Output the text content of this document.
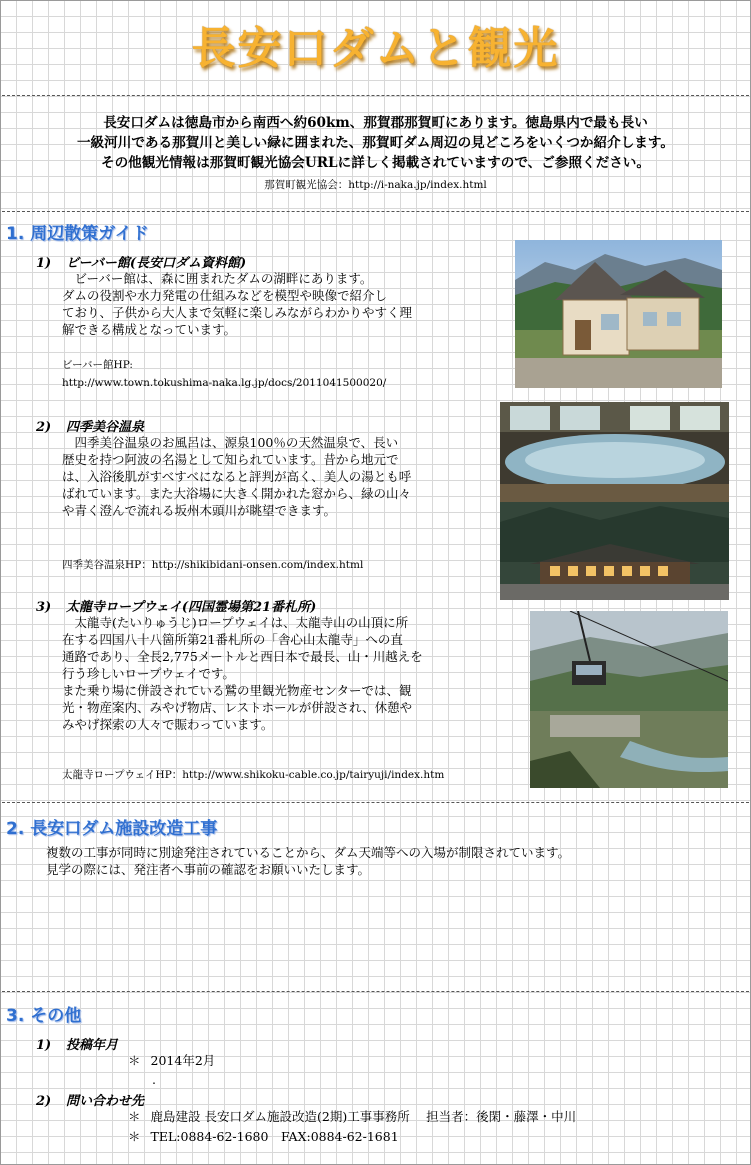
長安口ダムと観光
長安口ダムは徳島市から南西へ約60km、那賀郡那賀町にあります。徳島県内で最も長い
一級河川である那賀川と美しい緑に囲まれた、那賀町ダム周辺の見どころをいくつか紹介します。
その他観光情報は那賀町観光協会URLに詳しく掲載されていますので、ご参照ください。
那賀町観光協会：http://i-naka.jp/index.html
1. 周辺散策ガイド
1) ビーバー館(長安口ダム資料館)
　ビーバー館は、森に囲まれたダムの湖畔にあります。
ダムの役割や水力発電の仕組みなどを模型や映像で紹介し
ており、子供から大人まで気軽に楽しみながらわかりやすく理
解できる構成となっています。
ビーバー館HP:
http://www.town.tokushima-naka.lg.jp/docs/2011041500020/
2) 四季美谷温泉
　四季美谷温泉のお風呂は、源泉100％の天然温泉で、長い
歴史を持つ阿波の名湯として知られています。昔から地元で
は、入浴後肌がすべすべになると評判が高く、美人の湯とも呼
ばれています。また大浴場に大きく開かれた窓から、緑の山々
や青く澄んで流れる坂州木頭川が眺望できます。
四季美谷温泉HP：http://shikibidani-onsen.com/index.html
3) 太龍寺ロープウェイ(四国霊場第21番札所)
　太龍寺(たいりゅうじ)ロープウェイは、太龍寺山の山頂に所
在する四国八十八箇所第21番札所の「舎心山太龍寺」への直
通路であり、全長2,775メートルと西日本で最長、山・川越えを
行う珍しいロープウェイです。
また乗り場に併設されている鷲の里観光物産センターでは、観
光・物産案内、みやげ物店、レストホールが併設され、休憩や
みやげ探索の人々で賑わっています。
太龍寺ロープウェイHP：http://www.shikoku-cable.co.jp/tairyuji/index.htm
2. 長安口ダム施設改造工事
複数の工事が同時に別途発注されていることから、ダム天端等への入場が制限されています。
見学の際には、発注者へ事前の確認をお願いいたします。
3. その他
1) 投稿年月
＊ 2014年2月
.
2) 問い合わせ先
＊ 鹿島建設 長安口ダム施設改造(2期)工事事務所　 担当者：後閑・藤澤・中川
＊ TEL:0884-62-1680　FAX:0884-62-1681
